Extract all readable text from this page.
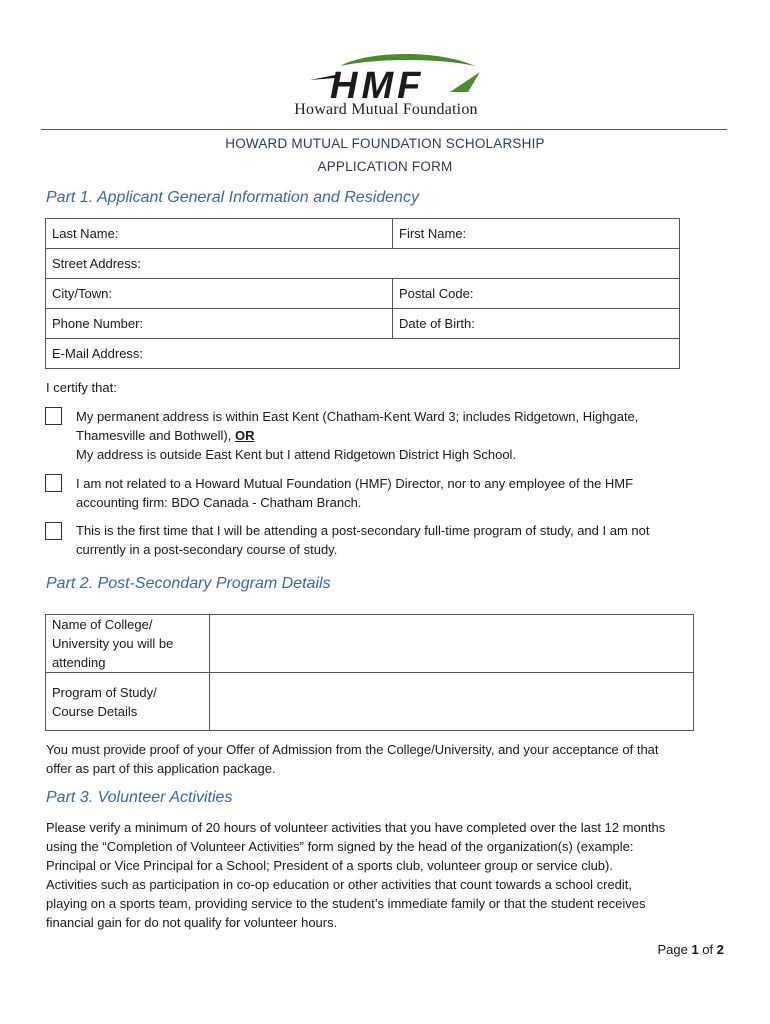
HMF
Howard Mutual Foundation
HOWARD MUTUAL FOUNDATION SCHOLARSHIP
APPLICATION FORM
Part 1. Applicant General Information and Residency
Last Name:	First Name:
Street Address:	
City/Town:	Postal Code:
Phone Number:	Date of Birth:
E-Mail Address:	
I certify that:
My permanent address is within East Kent (Chatham-Kent Ward 3; includes Ridgetown, Highgate,
Thamesville and Bothwell), OR
My address is outside East Kent but I attend Ridgetown District High School.
I am not related to a Howard Mutual Foundation (HMF) Director, nor to any employee of the HMF
accounting firm: BDO Canada - Chatham Branch.
This is the first time that I will be attending a post-secondary full-time program of study, and I am not
currently in a post-secondary course of study.
Part 2. Post-Secondary Program Details
Name of College/
University you will be
attending	

Program of Study/
Course Details	

You must provide proof of your Offer of Admission from the College/University, and your acceptance of that
offer as part of this application package.
Part 3. Volunteer Activities
Please verify a minimum of 20 hours of volunteer activities that you have completed over the last 12 months
using the “Completion of Volunteer Activities” form signed by the head of the organization(s) (example:
Principal or Vice Principal for a School; President of a sports club, volunteer group or service club).
Activities such as participation in co-op education or other activities that count towards a school credit,
playing on a sports team, providing service to the student’s immediate family or that the student receives
financial gain for do not qualify for volunteer hours.
Page 1 of 2
